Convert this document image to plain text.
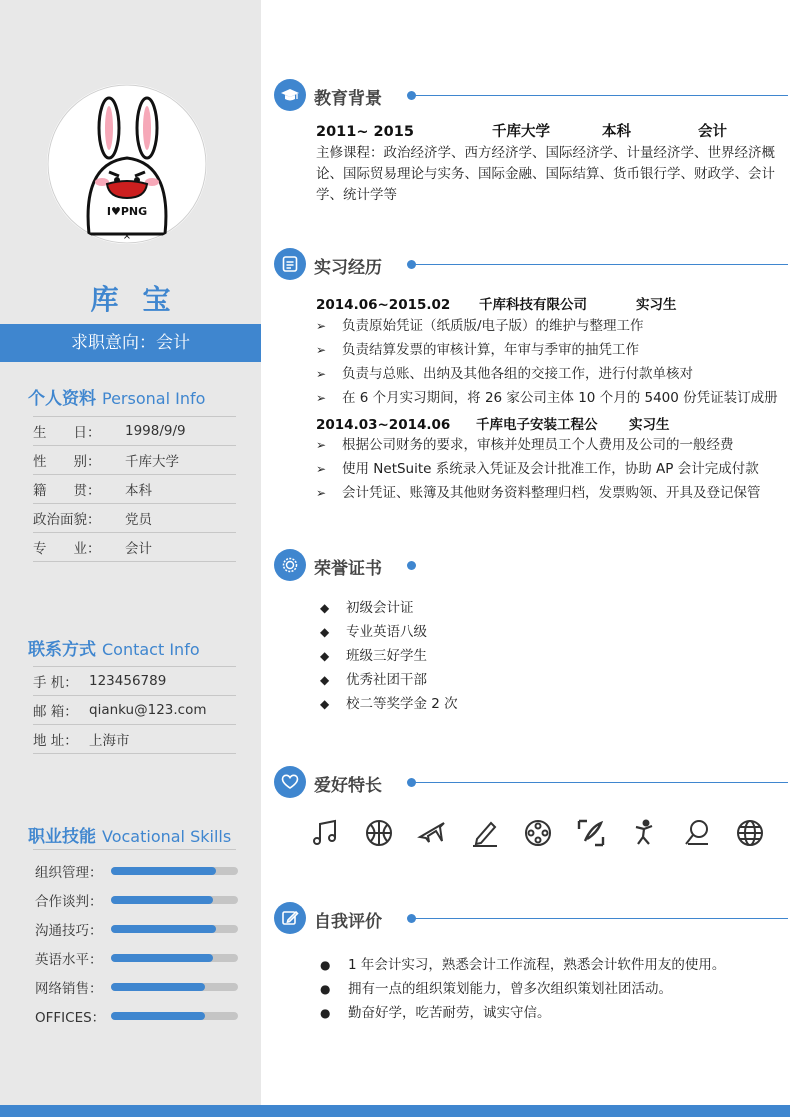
I♥PNG
×
库宝
求职意向：会计
个人资料 Personal Info
生　　日：	1998/9/9
性　　别：	千库大学
籍　　贯：	本科
政治面貌：	党员
专　　业：	会计
联系方式 Contact Info
手 机： 123456789
邮 箱： qianku@123.com
地 址： 上海市
职业技能 Vocational Skills
组织管理：
合作谈判：
沟通技巧：
英语水平：
网络销售：
OFFICES：
教育背景
2011~ 2015	千库大学	本科	会计
主修课程：政治经济学、西方经济学、国际经济学、计量经济学、世界经济概论、国际贸易理论与实务、国际金融、国际结算、货币银行学、财政学、会计学、统计学等
实习经历
2014.06~2015.02 千库科技有限公司	实习生
➢	负责原始凭证（纸质版/电子版）的维护与整理工作
➢	负责结算发票的审核计算，年审与季审的抽凭工作
➢	负责与总账、出纳及其他各组的交接工作，进行付款单核对
➢	在 6 个月实习期间，将 26 家公司主体 10 个月的 5400 份凭证装订成册
2014.03~2014.06 千库电子安装工程公 实习生
➢	根据公司财务的要求，审核并处理员工个人费用及公司的一般经费
➢	使用 NetSuite 系统录入凭证及会计批准工作，协助 AP 会计完成付款
➢	会计凭证、账簿及其他财务资料整理归档，发票购领、开具及登记保管
荣誉证书
◆	初级会计证
◆	专业英语八级
◆	班级三好学生
◆	优秀社团干部
◆	校二等奖学金 2 次
爱好特长
自我评价
●	1 年会计实习，熟悉会计工作流程，熟悉会计软件用友的使用。
●	拥有一点的组织策划能力，曾多次组织策划社团活动。
●	勤奋好学，吃苦耐劳，诚实守信。
